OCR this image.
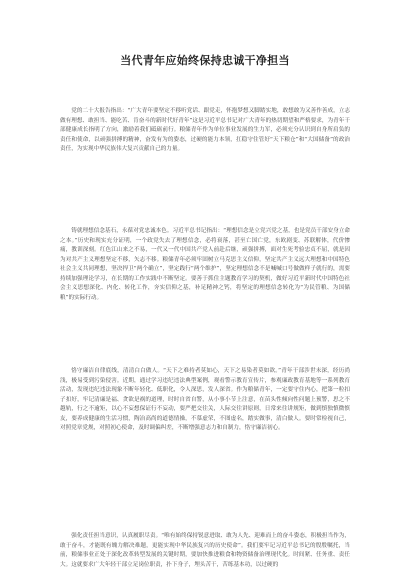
当代青年应始终保持忠诚干净担当
党的二十大报告指出：“广大青年要坚定不移听党话、跟党走，怀抱梦想又脚踏实地，敢想敢为又善作善成，立志做有理想、敢担当、能吃苦、肯奋斗的新时代好青年”这是习近平总书记对广大青年的热切期望和严格要求，为青年干部健康成长指明了方向，激励着我们砥砺前行。粮储青年作为单位事业发展的生力军，必须充分认识到自身所肩负的责任和使命，以顽强拼搏的精神，奋发有为的姿态，过硬的能力本领，扛稳守住管好“天下粮仓”和“大国储备”的政治责任，为实现中华民族伟大复兴贡献自己的力量。
铸就理想信念基石，永葆对党忠诚本色。习近平总书记指出：“理想信念是立党兴党之基，也是党员干部安身立命之本。”历史和现实充分证明，一个政党失去了理想信念，必将衰落，甚至亡国亡党，东欧剧变、苏联解体，代价惨痛，教训深刻。红色江山来之不易，一代又一代中国共产党人前赴后继，顽强拼搏，面对生死考验忠贞不屈，就是因为对共产主义理想坚定不移，矢志不移。粮储青年必须牢固树立马克思主义信仰，坚定共产主义远大理想和中国特色社会主义共同理想，坚决捍卫“两个确立”，坚定践行“两个维护”，坚定理想信念不是喊喊口号做做样子就行的，需要持续加强理论学习，在长期的工作实践中不断坚定。要善于抓住主题教育学习的契机，做好习近平新时代中国特色社会主义思想深化、内化、转化工作，夯实信仰之基，补足精神之钙，将坚定的理想信念转化为“为民管粮、为国储粮”的实际行动。
恪守廉洁自律底线，清清白白做人。“天下之难持者莫如心，天下之易染者莫如欲。”青年干部涉世未深，经历尚浅，极易受到污染侵害。近期，通过学习违纪违法典型案例，观看警示教育宣传片，参观廉政教育基地等一系列教育活动，发现违纪违法现象不断年轻化、低职化，令人深思，发人深省。作为粮储青年，一定要守住内心，把第一粒扣子扣好，牢记清廉是福、贪欲是祸的道理，时时自省自警，从小事小节上注意，在苗头性倾向性问题上预警，思之不越轨，行之不逾矩，以心不妄想保证行不妄动，要严把交往关，人际交往讲原则，日常来往讲规矩，做到慎独慎微慎友，要养成健康的生活习惯，陶冶高尚的道德情操，不慕虚荣，不图虚名，踏实做事，清白做人。要时常检视自己，对照党章党规，对照初心使命，及时调偏纠差，不断增强意志力和自制力，恪守廉洁初心。
强化责任担当意识，认真履职尽责。“唯有始终保持锐意进取、敢为人先、迎难而上的奋斗姿态，积极担当作为，敢于奋斗，才能既有魄力解决难题，更能实现中华民族复兴的历史使命”。我们要牢记习近平总书记的殷殷嘱托，当前，粮储事业正处于深化改革转型发展的关键时期，要加快推进粮食和物资储备治理现代化。时间紧、任务重、责任大。这就要求广大年轻干部立足岗位职责，扑下身子，埋头苦干，苦练基本功，以过硬的
